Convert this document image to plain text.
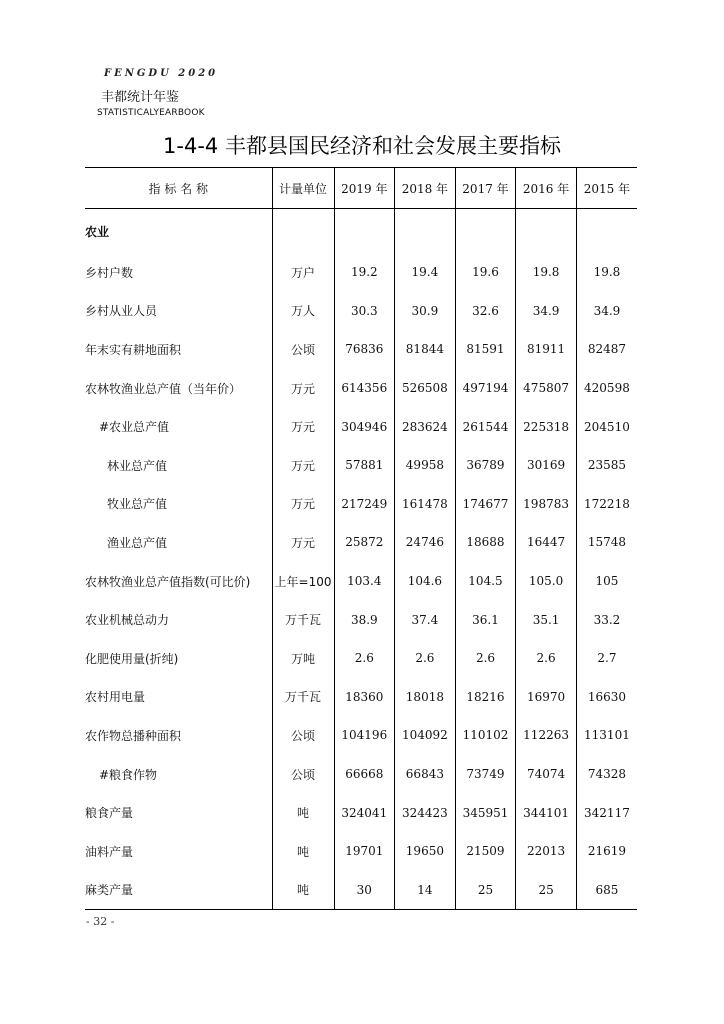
FENGDU 2020
丰都统计年鉴
STATISTICALYEARBOOK
1-4-4 丰都县国民经济和社会发展主要指标
指 标 名 称	计量单位	2019 年	2018 年	2017 年	2016 年	2015 年
农业						
乡村户数	万户	19.2	19.4	19.6	19.8	19.8
乡村从业人员	万人	30.3	30.9	32.6	34.9	34.9
年末实有耕地面积	公顷	76836	81844	81591	81911	82487
农林牧渔业总产值（当年价）	万元	614356	526508	497194	475807	420598
#农业总产值	万元	304946	283624	261544	225318	204510
林业总产值	万元	57881	49958	36789	30169	23585
牧业总产值	万元	217249	161478	174677	198783	172218
渔业总产值	万元	25872	24746	18688	16447	15748
农林牧渔业总产值指数(可比价)	上年=100	103.4	104.6	104.5	105.0	105
农业机械总动力	万千瓦	38.9	37.4	36.1	35.1	33.2
化肥使用量(折纯)	万吨	2.6	2.6	2.6	2.6	2.7
农村用电量	万千瓦	18360	18018	18216	16970	16630
农作物总播种面积	公顷	104196	104092	110102	112263	113101
#粮食作物	公顷	66668	66843	73749	74074	74328
粮食产量	吨	324041	324423	345951	344101	342117
油料产量	吨	19701	19650	21509	22013	21619
麻类产量	吨	30	14	25	25	685
- 32 -
